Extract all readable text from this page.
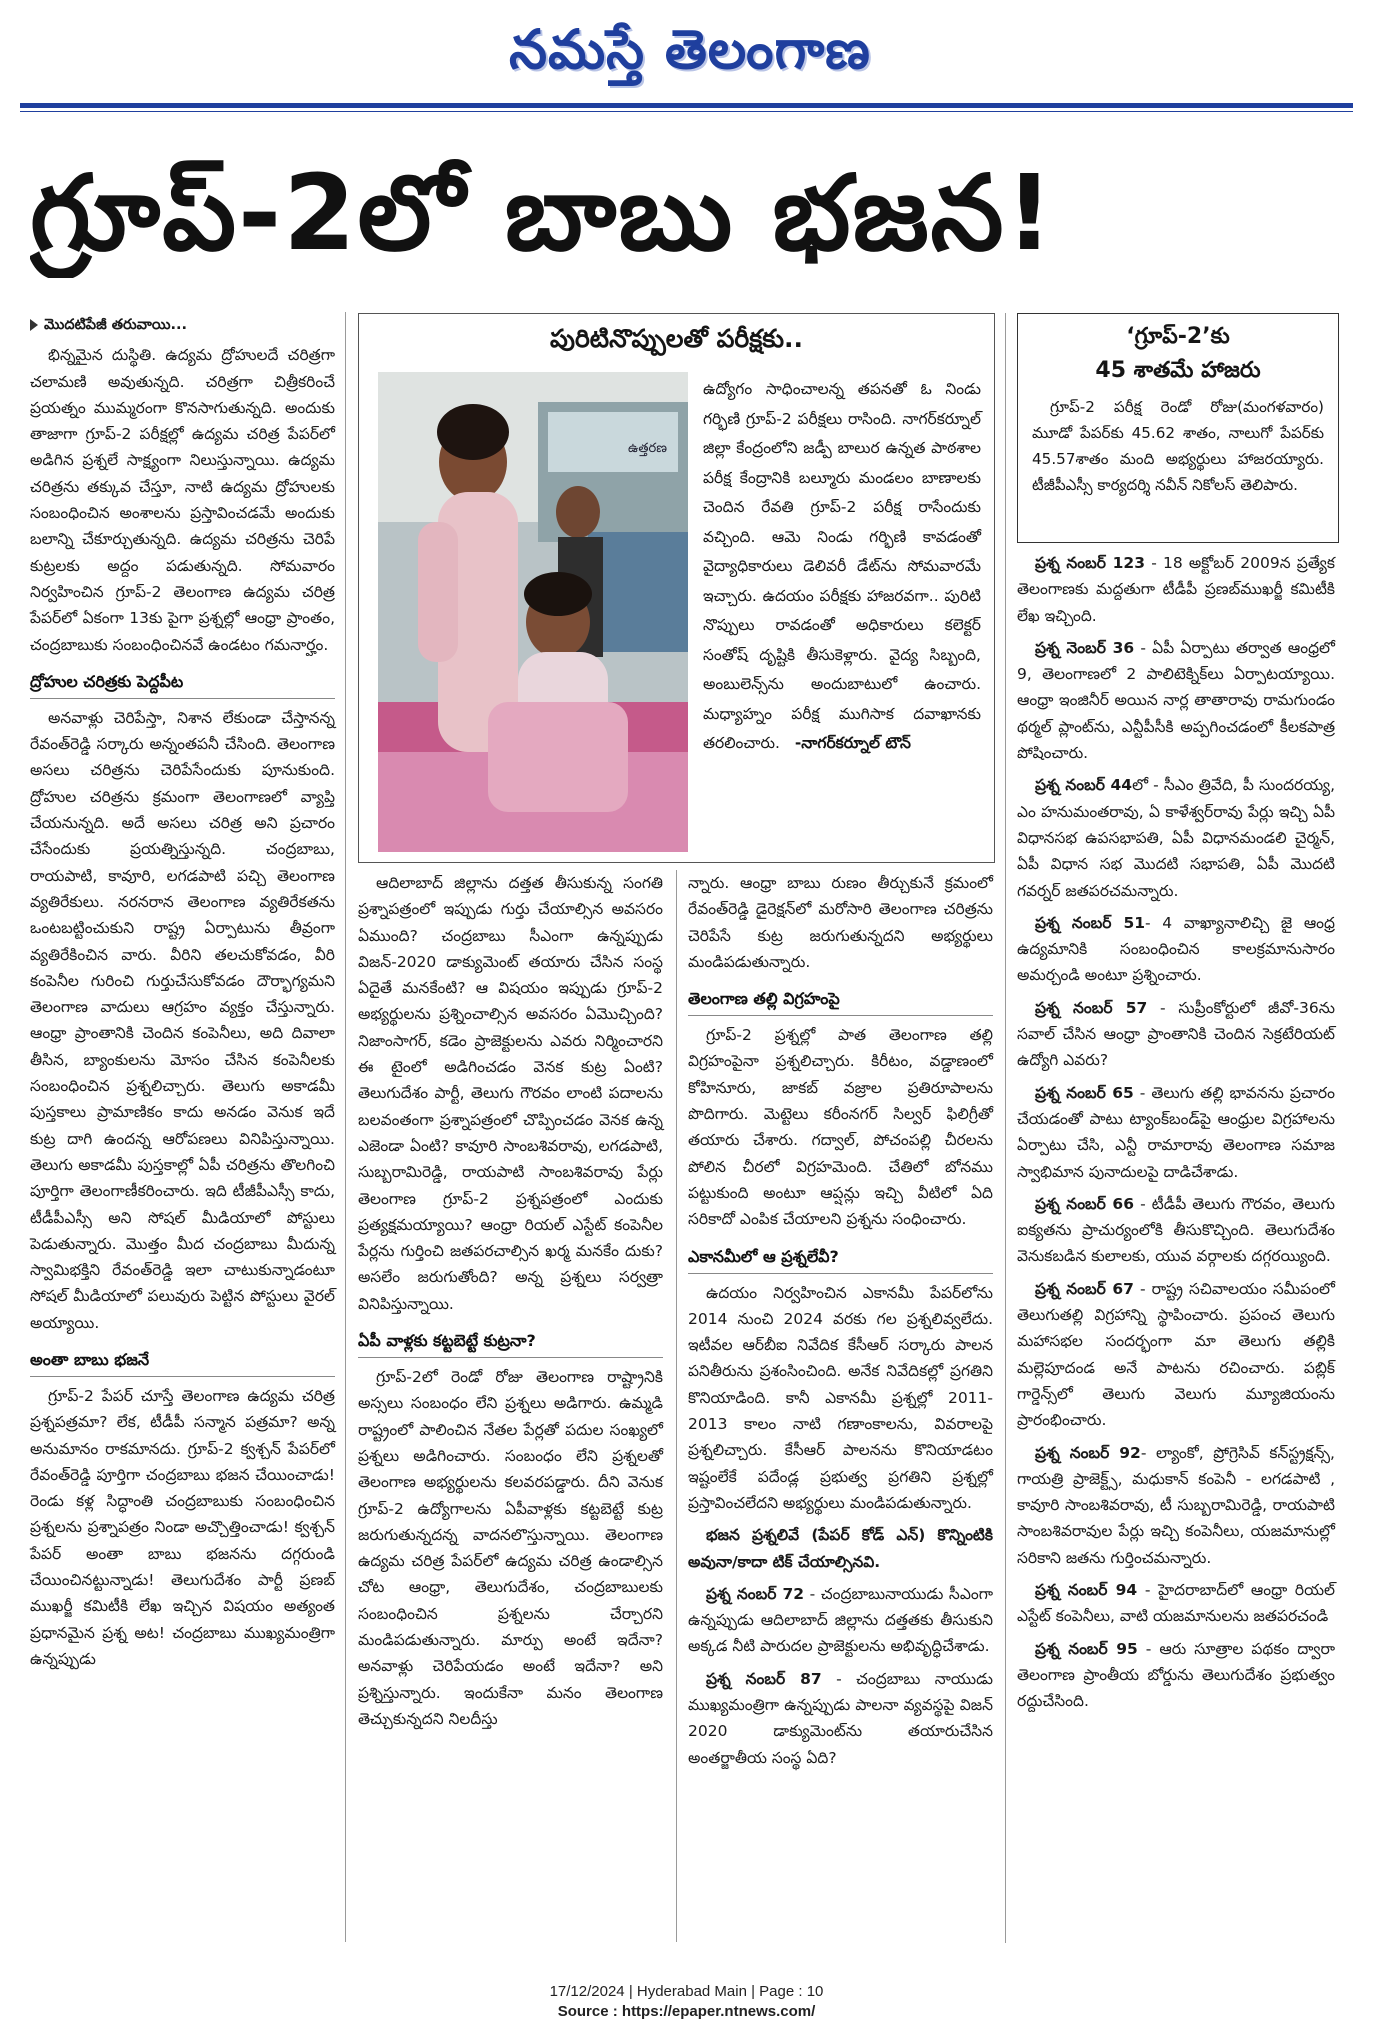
నమస్తే తెలంగాణ
గ్రూప్‌-2లో బాబు భజన!
మొదటిపేజీ తరువాయి...

భిన్నమైన దుస్థితి. ఉద్యమ ద్రోహులదే చరిత్రగా చలామణి అవుతున్నది. చరిత్రగా చిత్రీకరించే ప్రయత్నం ముమ్మరంగా కొనసాగుతున్నది. అందుకు తాజాగా గ్రూప్‌-2 పరీక్షల్లో ఉద్యమ చరిత్ర పేపర్‌లో అడిగిన ప్రశ్నలే సాక్ష్యంగా నిలుస్తున్నాయి. ఉద్యమ చరిత్రను తక్కువ చేస్తూ, నాటి ఉద్యమ ద్రోహులకు సంబంధించిన అంశాలను ప్రస్తావించడమే అందుకు బలాన్ని చేకూర్చుతున్నది. ఉద్యమ చరిత్రను చెరిపే కుట్రలకు అద్దం పడుతున్నది. సోమవారం నిర్వహించిన గ్రూప్‌-2 తెలంగాణ ఉద్యమ చరిత్ర పేపర్‌లో ఏకంగా 13కు పైగా ప్రశ్నల్లో ఆంధ్రా ప్రాంతం, చంద్రబాబుకు సంబంధించినవే ఉండటం గమనార్హం.

ద్రోహుల చరిత్రకు పెద్దపీట

అనవాళ్లు చెరిపేస్తా, నిశాన లేకుండా చేస్తానన్న రేవంత్‌రెడ్డి సర్కారు అన్నంతపనీ చేసింది. తెలంగాణ అసలు చరిత్రను చెరిపేసేందుకు పూనుకుంది. ద్రోహుల చరిత్రను క్రమంగా తెలంగాణలో వ్యాప్తి చేయనున్నది. అదే అసలు చరిత్ర అని ప్రచారం చేసేందుకు ప్రయత్నిస్తున్నది. చంద్రబాబు, రాయపాటి, కావూరి, లగడపాటి పచ్చి తెలంగాణ వ్యతిరేకులు. నరనరాన తెలంగాణ వ్యతిరేకతను ఒంటబట్టించుకుని రాష్ట్ర ఏర్పాటును తీవ్రంగా వ్యతిరేకించిన వారు. వీరిని తలచుకోవడం, వీరి కంపెనీల గురించి గుర్తుచేసుకోవడం దౌర్భాగ్యమని తెలంగాణ వాదులు ఆగ్రహం వ్యక్తం చేస్తున్నారు. ఆంధ్రా ప్రాంతానికి చెందిన కంపెనీలు, అది దివాలా తీసిన, బ్యాంకులను మోసం చేసిన కంపెనీలకు సంబంధించిన ప్రశ్నలిచ్చారు. తెలుగు అకాడమీ పుస్తకాలు ప్రామాణికం కాదు అనడం వెనుక ఇదే కుట్ర దాగి ఉందన్న ఆరోపణలు వినిపిస్తున్నాయి. తెలుగు అకాడమీ పుస్తకాల్లో ఏపీ చరిత్రను తొలగించి పూర్తిగా తెలంగాణీకరించారు. ఇది టీజీపీఎస్సీ కాదు, టీడీపీఎస్సీ అని సోషల్‌ మీడియాలో పోస్టులు పెడుతున్నారు. మొత్తం మీద చంద్రబాబు మీదున్న స్వామిభక్తిని రేవంత్‌రెడ్డి ఇలా చాటుకున్నాడంటూ సోషల్‌ మీడియాలో పలువురు పెట్టిన పోస్టులు వైరల్‌ అయ్యాయి.

అంతా బాబు భజనే

గ్రూప్‌-2 పేపర్‌ చూస్తే తెలంగాణ ఉద్యమ చరిత్ర ప్రశ్నపత్రమా? లేక, టీడీపీ సన్మాన పత్రమా? అన్న అనుమానం రాకమానదు. గ్రూప్‌-2 క్వశ్చన్‌ పేపర్‌లో రేవంత్‌రెడ్డి పూర్తిగా చంద్రబాబు భజన చేయించాడు! రెండు కళ్ల సిద్ధాంతి చంద్రబాబుకు సంబంధించిన ప్రశ్నలను ప్రశ్నాపత్రం నిండా అచ్చొత్తించాడు! క్వశ్చన్‌ పేపర్‌ అంతా బాబు భజనను దగ్గరుండి చేయించినట్టున్నాడు! తెలుగుదేశం పార్టీ ప్రణబ్‌ ముఖర్జీ కమిటీకి లేఖ ఇచ్చిన విషయం అత్యంత ప్రధానమైన ప్రశ్న అట! చంద్రబాబు ముఖ్యమంత్రిగా ఉన్నప్పుడు

పురిటినొప్పులతో పరీక్షకు..
ఉత్తరణ
ఉద్యోగం సాధించాలన్న తపనతో ఓ నిండు గర్భిణి గ్రూప్‌-2 పరీక్షలు రాసింది. నాగర్‌కర్నూల్‌ జిల్లా కేంద్రంలోని జడ్పీ బాలుర ఉన్నత పాఠశాల పరీక్ష కేంద్రానికి బల్మూరు మండలం బాణాలకు చెందిన రేవతి గ్రూప్‌-2 పరీక్ష రాసేందుకు వచ్చింది. ఆమె నిండు గర్భిణి కావడంతో వైద్యాధికారులు డెలివరీ డేట్‌ను సోమవారమే ఇచ్చారు. ఉదయం పరీక్షకు హాజరవగా.. పురిటి నొప్పులు రావడంతో అధికారులు కలెక్టర్‌ సంతోష్‌ దృష్టికి తీసుకెళ్లారు. వైద్య సిబ్బంది, అంబులెన్స్‌ను అందుబాటులో ఉంచారు. మధ్యాహ్నం పరీక్ష ముగిసాక దవాఖానకు తరలించారు. -నాగర్‌కర్నూల్‌ టౌన్‌
‘గ్రూప్‌-2’కు
45 శాతమే హాజరు
గ్రూప్‌-2 పరీక్ష రెండో రోజు(మంగళవారం) మూడో పేపర్‌కు 45.62 శాతం, నాలుగో పేపర్‌కు 45.57శాతం మంది అభ్యర్థులు హాజరయ్యారు. టీజీపీఎస్సీ కార్యదర్శి నవీన్‌ నికోలస్‌ తెలిపారు.

ఆదిలాబాద్‌ జిల్లాను దత్తత తీసుకున్న సంగతి ప్రశ్నాపత్రంలో ఇప్పుడు గుర్తు చేయాల్సిన అవసరం ఏముంది? చంద్రబాబు సీఎంగా ఉన్నప్పుడు విజన్‌-2020 డాక్యుమెంట్‌ తయారు చేసిన సంస్థ ఏదైతే మనకేంటి? ఆ విషయం ఇప్పుడు గ్రూప్‌-2 అభ్యర్థులను ప్రశ్నించాల్సిన అవసరం ఏమొచ్చింది? నిజాంసాగర్‌, కడెం ప్రాజెక్టులను ఎవరు నిర్మించారని ఈ టైంలో అడిగించడం వెనక కుట్ర ఏంటి? తెలుగుదేశం పార్టీ, తెలుగు గౌరవం లాంటి పదాలను బలవంతంగా ప్రశ్నాపత్రంలో చొప్పించడం వెనక ఉన్న ఎజెండా ఏంటి? కావూరి సాంబశివరావు, లగడపాటి, సుబ్బరామిరెడ్డి, రాయపాటి సాంబశివరావు పేర్లు తెలంగాణ గ్రూప్‌-2 ప్రశ్నపత్రంలో ఎందుకు ప్రత్యక్షమయ్యాయి? ఆంధ్రా రియల్‌ ఎస్టేట్‌ కంపెనీల పేర్లను గుర్తించి జతపరచాల్సిన ఖర్మ మనకేం దుకు? అసలేం జరుగుతోంది? అన్న ప్రశ్నలు సర్వత్రా వినిపిస్తున్నాయి.

ఏపీ వాళ్లకు కట్టబెట్టే కుట్రనా?

గ్రూప్‌-2లో రెండో రోజు తెలంగాణ రాష్ట్రానికి అస్సలు సంబంధం లేని ప్రశ్నలు అడిగారు. ఉమ్మడి రాష్ట్రంలో పాలించిన నేతల పేర్లతో పదుల సంఖ్యలో ప్రశ్నలు అడిగించారు. సంబంధం లేని ప్రశ్నలతో తెలంగాణ అభ్యర్థులను కలవరపడ్డారు. దీని వెనుక గ్రూప్‌-2 ఉద్యోగాలను ఏపీవాళ్లకు కట్టబెట్టే కుట్ర జరుగుతున్నదన్న వాదనలొస్తున్నాయి. తెలంగాణ ఉద్యమ చరిత్ర పేపర్‌లో ఉద్యమ చరిత్ర ఉండాల్సిన చోట ఆంధ్రా, తెలుగుదేశం, చంద్రబాబులకు సంబంధించిన ప్రశ్నలను చేర్చారని మండిపడుతున్నారు. మార్పు అంటే ఇదేనా? అనవాళ్లు చెరిపేయడం అంటే ఇదేనా? అని ప్రశ్నిస్తున్నారు. ఇందుకేనా మనం తెలంగాణ తెచ్చుకున్నదని నిలదీస్తు

న్నారు. ఆంధ్రా బాబు రుణం తీర్చుకునే క్రమంలో రేవంత్‌రెడ్డి డైరెక్షన్‌లో మరోసారి తెలంగాణ చరిత్రను చెరిపేసే కుట్ర జరుగుతున్నదని అభ్యర్థులు మండిపడుతున్నారు.

తెలంగాణ తల్లి విగ్రహంపై

గ్రూప్‌-2 ప్రశ్నల్లో పాత తెలంగాణ తల్లి విగ్రహంపైనా ప్రశ్నలిచ్చారు. కిరీటం, వడ్డాణంలో కోహినూరు, జాకబ్‌ వజ్రాల ప్రతిరూపాలను పొదిగారు. మెట్టెలు కరీంనగర్‌ సిల్వర్‌ ఫిలిగ్రీతో తయారు చేశారు. గద్వాల్‌, పోచంపల్లి చీరలను పోలిన చీరలో విగ్రహమెంది. చేతిలో బోనము పట్టుకుంది అంటూ ఆప్షన్లు ఇచ్చి వీటిలో ఏది సరికాదో ఎంపిక చేయాలని ప్రశ్నను సంధించారు.

ఎకానమీలో ఆ ప్రశ్నలేవీ?

ఉదయం నిర్వహించిన ఎకానమీ పేపర్‌లోను 2014 నుంచి 2024 వరకు గల ప్రశ్నలివ్వలేదు. ఇటీవల ఆర్‌బీఐ నివేదిక కేసీఆర్‌ సర్కారు పాలన పనితీరును ప్రశంసించింది. అనేక నివేదికల్లో ప్రగతిని కొనియాడింది. కానీ ఎకానమీ ప్రశ్నల్లో 2011- 2013 కాలం నాటి గణాంకాలను, వివరాలపై ప్రశ్నలిచ్చారు. కేసీఆర్‌ పాలనను కొనియాడటం ఇష్టంలేకే పదేండ్ల ప్రభుత్వ ప్రగతిని ప్రశ్నల్లో ప్రస్తావించలేదని అభ్యర్థులు మండిపడుతున్నారు.

భజన ప్రశ్నలివే (పేపర్‌ కోడ్‌ ఎన్‌) కొన్నింటికి అవునా/కాదా టిక్‌ చేయాల్సినవి.

ప్రశ్న నంబర్‌ 72 - చంద్రబాబునాయుడు సీఎంగా ఉన్నప్పుడు ఆదిలాబాద్‌ జిల్లాను దత్తతకు తీసుకుని అక్కడ నీటి పారుదల ప్రాజెక్టులను అభివృద్ధిచేశాడు.

ప్రశ్న నంబర్‌ 87 - చంద్రబాబు నాయుడు ముఖ్యమంత్రిగా ఉన్నప్పుడు పాలనా వ్యవస్థపై విజన్‌ 2020 డాక్యుమెంట్‌ను తయారుచేసిన అంతర్జాతీయ సంస్థ ఏది?

ప్రశ్న నంబర్‌ 123 - 18 అక్టోబర్‌ 2009న ప్రత్యేక తెలంగాణకు మద్దతుగా టీడీపీ ప్రణబ్‌ముఖర్జీ కమిటీకి లేఖ ఇచ్చింది.

ప్రశ్న నెంబర్‌ 36 - ఏపీ ఏర్పాటు తర్వాత ఆంధ్రలో 9, తెలంగాణలో 2 పాలిటెక్నిక్‌లు ఏర్పాటయ్యాయి. ఆంధ్రా ఇంజినీర్‌ అయిన నార్ల తాతారావు రామగుండం థర్మల్‌ ప్లాంట్‌ను, ఎన్టీపీసీకి అప్పగించడంలో కీలకపాత్ర పోషించారు.

ప్రశ్న నంబర్‌ 44లో - సీఎం త్రివేది, పీ సుందరయ్య, ఎం హనుమంతరావు, ఏ కాళేశ్వర్‌రావు పేర్లు ఇచ్చి ఏపీ విధానసభ ఉపసభాపతి, ఏపీ విధానమండలి చైర్మన్‌, ఏపీ విధాన సభ మొదటి సభాపతి, ఏపీ మొదటి గవర్నర్‌ జతపరచమన్నారు.

ప్రశ్న నంబర్‌ 51- 4 వాఖ్యానాలిచ్చి జై ఆంధ్ర ఉద్యమానికి సంబంధించిన కాలక్రమానుసారం అమర్చండి అంటూ ప్రశ్నించారు.

ప్రశ్న నంబర్‌ 57 - సుప్రీంకోర్టులో జీవో-36ను సవాల్‌ చేసిన ఆంధ్రా ప్రాంతానికి చెందిన సెక్రటేరియట్‌ ఉద్యోగి ఎవరు?

ప్రశ్న నంబర్‌ 65 - తెలుగు తల్లి భావనను ప్రచారం చేయడంతో పాటు ట్యాంక్‌బండ్‌పై ఆంధ్రుల విగ్రహాలను ఏర్పాటు చేసి, ఎన్టీ రామారావు తెలంగాణ సమాజ స్వాభిమాన పునాదులపై దాడిచేశాడు.

ప్రశ్న నంబర్‌ 66 - టీడీపీ తెలుగు గౌరవం, తెలుగు ఐక్యతను ప్రాచుర్యంలోకి తీసుకొచ్చింది. తెలుగుదేశం వెనుకబడిన కులాలకు, యువ వర్గాలకు దగ్గరయ్యింది.

ప్రశ్న నంబర్‌ 67 - రాష్ట్ర సచివాలయం సమీపంలో తెలుగుతల్లి విగ్రహాన్ని స్థాపించారు. ప్రపంచ తెలుగు మహాసభల సందర్భంగా మా తెలుగు తల్లికి మల్లెపూదండ అనే పాటను రచించారు. పబ్లిక్‌ గార్డెన్స్‌లో తెలుగు వెలుగు మ్యూజియంను ప్రారంభించారు.

ప్రశ్న నంబర్‌ 92- ల్యాంకో, ప్రోగ్రెసివ్‌ కన్‌స్ట్రక్షన్స్‌, గాయత్రి ప్రాజెక్ట్స్‌, మధుకాన్‌ కంపెనీ - లగడపాటి , కావూరి సాంబశివరావు, టీ సుబ్బరామిరెడ్డి, రాయపాటి సాంబశివరావుల పేర్లు ఇచ్చి కంపెనీలు, యజమానుల్లో సరికాని జతను గుర్తించమన్నారు.

ప్రశ్న నంబర్‌ 94 - హైదరాబాద్‌లో ఆంధ్రా రియల్‌ ఎస్టేట్‌ కంపెనీలు, వాటి యజమానులను జతపరచండి

ప్రశ్న నంబర్‌ 95 - ఆరు సూత్రాల పథకం ద్వారా తెలంగాణ ప్రాంతీయ బోర్డును తెలుగుదేశం ప్రభుత్వం రద్దుచేసింది.

17/12/2024 | Hyderabad Main | Page : 10
Source : https://epaper.ntnews.com/
